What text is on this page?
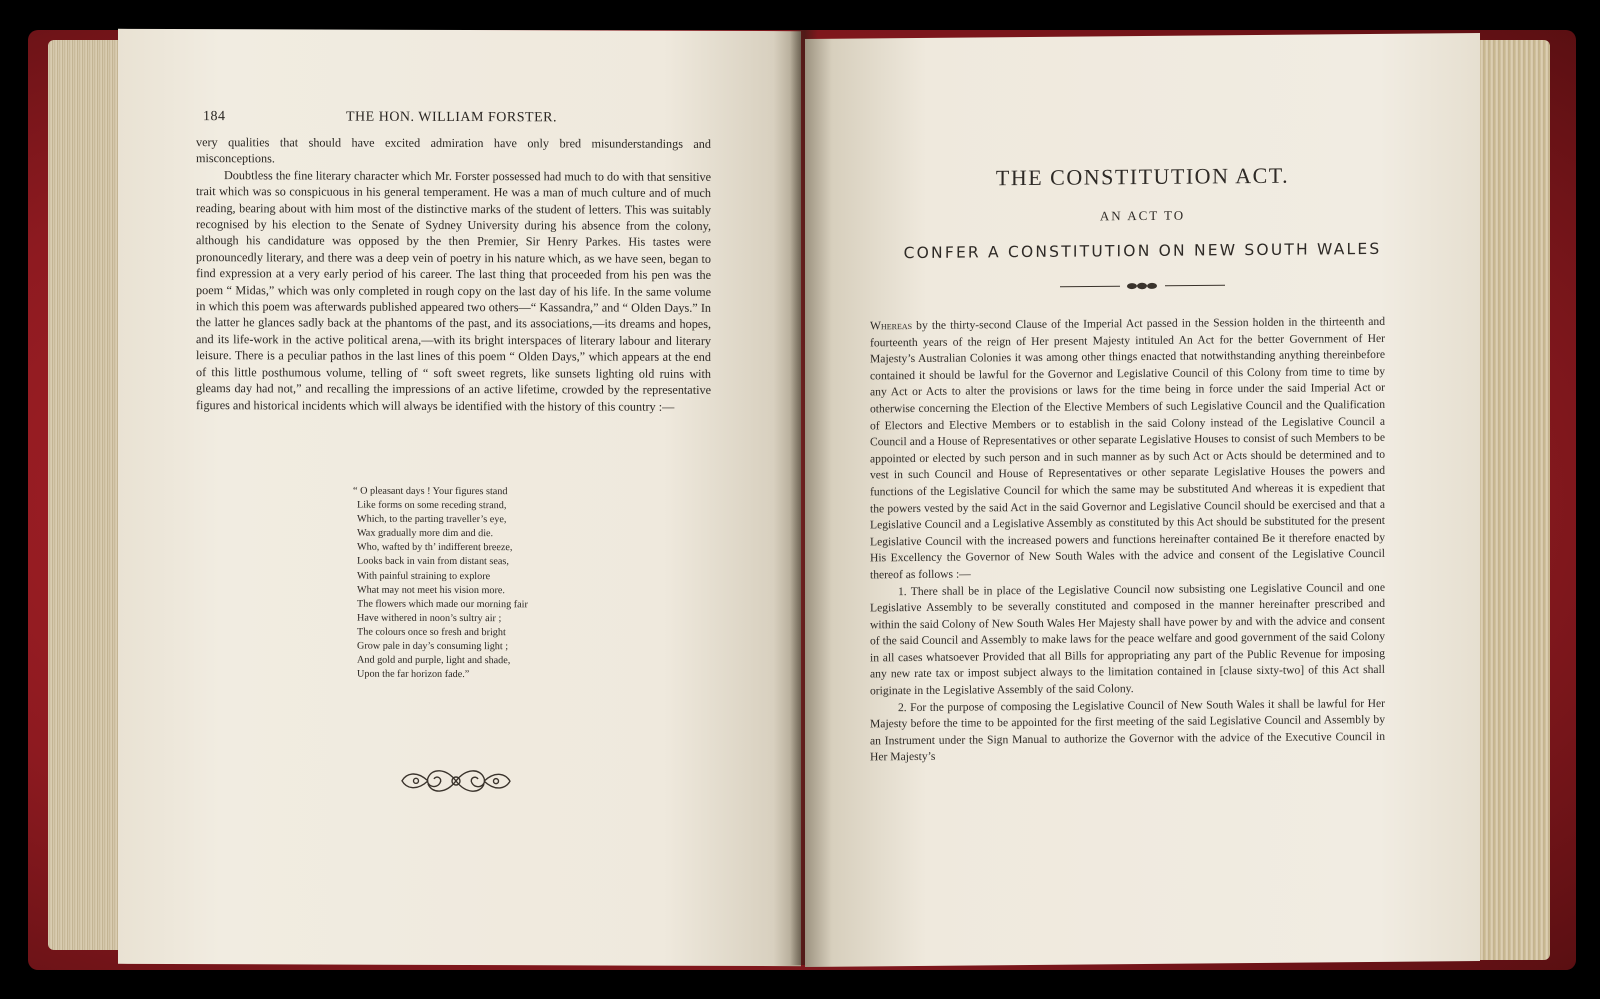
184	THE HON. WILLIAM FORSTER.

very qualities that should have excited admiration have only bred misunderstandings and misconceptions.

Doubtless the fine literary character which Mr. Forster possessed had much to do with that sensitive trait which was so conspicuous in his general temperament. He was a man of much culture and of much reading, bearing about with him most of the distinctive marks of the student of letters. This was suitably recognised by his election to the Senate of Sydney University during his absence from the colony, although his candidature was opposed by the then Premier, Sir Henry Parkes. His tastes were pronouncedly literary, and there was a deep vein of poetry in his nature which, as we have seen, began to find expression at a very early period of his career. The last thing that proceeded from his pen was the poem “ Midas,” which was only completed in rough copy on the last day of his life. In the same volume in which this poem was afterwards published appeared two others—“ Kassandra,” and “ Olden Days.” In the latter he glances sadly back at the phantoms of the past, and its associations,—its dreams and hopes, and its life-work in the active political arena,—with its bright interspaces of literary labour and literary leisure. There is a peculiar pathos in the last lines of this poem “ Olden Days,” which appears at the end of this little posthumous volume, telling of “ soft sweet regrets, like sunsets lighting old ruins with gleams day had not,” and recalling the impressions of an active lifetime, crowded by the representative figures and historical incidents which will always be identified with the history of this country :—

“ O pleasant days ! Your figures stand
Like forms on some receding strand,
Which, to the parting traveller’s eye,
Wax gradually more dim and die.
Who, wafted by th’ indifferent breeze,
Looks back in vain from distant seas,
With painful straining to explore
What may not meet his vision more.
The flowers which made our morning fair
Have withered in noon’s sultry air ;
The colours once so fresh and bright
Grow pale in day’s consuming light ;
And gold and purple, light and shade,
Upon the far horizon fade.”
THE CONSTITUTION ACT.
AN ACT TO
CONFER A CONSTITUTION ON NEW SOUTH WALES

Whereas by the thirty-second Clause of the Imperial Act passed in the Session holden in the thirteenth and fourteenth years of the reign of Her present Majesty intituled An Act for the better Government of Her Majesty’s Australian Colonies it was among other things enacted that notwithstanding anything thereinbefore contained it should be lawful for the Governor and Legislative Council of this Colony from time to time by any Act or Acts to alter the provisions or laws for the time being in force under the said Imperial Act or otherwise concerning the Election of the Elective Members of such Legislative Council and the Qualification of Electors and Elective Members or to establish in the said Colony instead of the Legislative Council a Council and a House of Representatives or other separate Legislative Houses to consist of such Members to be appointed or elected by such person and in such manner as by such Act or Acts should be determined and to vest in such Council and House of Representatives or other separate Legislative Houses the powers and functions of the Legislative Council for which the same may be substituted And whereas it is expedient that the powers vested by the said Act in the said Governor and Legislative Council should be exercised and that a Legislative Council and a Legislative Assembly as constituted by this Act should be substituted for the present Legislative Council with the increased powers and functions hereinafter contained Be it therefore enacted by His Excellency the Governor of New South Wales with the advice and consent of the Legislative Council thereof as follows :—

1. There shall be in place of the Legislative Council now subsisting one Legislative Council and one Legislative Assembly to be severally constituted and composed in the manner hereinafter prescribed and within the said Colony of New South Wales Her Majesty shall have power by and with the advice and consent of the said Council and Assembly to make laws for the peace welfare and good government of the said Colony in all cases whatsoever Provided that all Bills for appropriating any part of the Public Revenue for imposing any new rate tax or impost subject always to the limitation contained in [clause sixty-two] of this Act shall originate in the Legislative Assembly of the said Colony.

2. For the purpose of composing the Legislative Council of New South Wales it shall be lawful for Her Majesty before the time to be appointed for the first meeting of the said Legislative Council and Assembly by an Instrument under the Sign Manual to authorize the Governor with the advice of the Executive Council in Her Majesty’s
